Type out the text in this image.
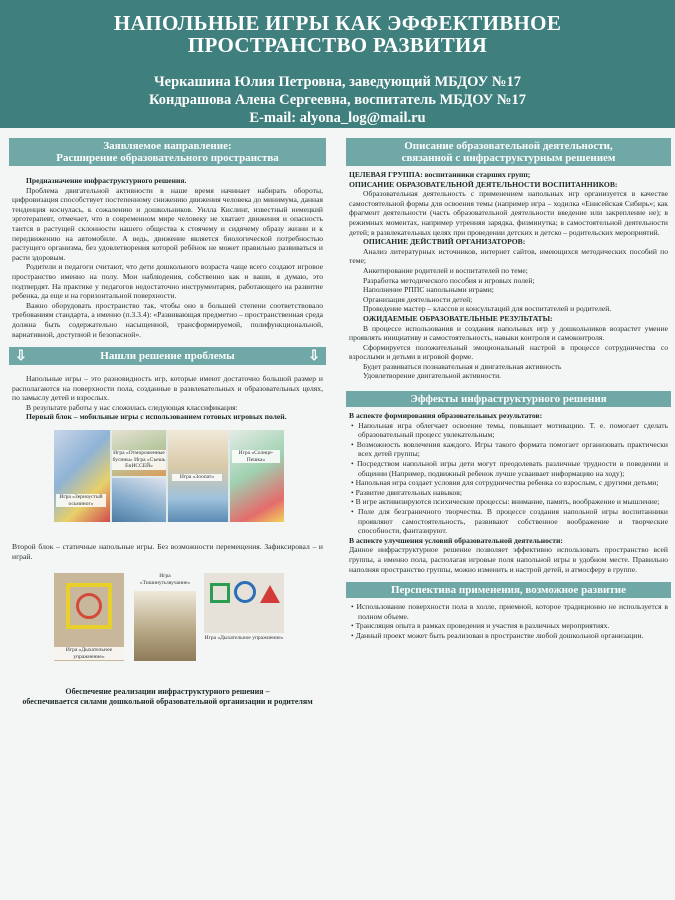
НАПОЛЬНЫЕ ИГРЫ КАК ЭФФЕКТИВНОЕ
ПРОСТРАНСТВО РАЗВИТИЯ
Черкашина Юлия Петровна, заведующий МБДОУ №17
Кондрашова Алена Сергеевна, воспитатель МБДОУ №17
E-mail: alyona_log@mail.ru
Заявляемое направление:
Расширение образовательного пространства

Предназначение инфраструктурного решения.

Проблема двигательной активности в наше время начинает набирать обороты, цифровизация способствует постепенному снижению движения человека до минимума, данная тенденция коснулась, к сожалению и дошкольников. Уилла Кислинг, известный немецкий эрготерапевт, отмечает, что в современном мире человеку не хватает движения и опасность таится в растущей склонности нашего общества к стоячему и сидячему образу жизни и к передвижению на автомобиле. А ведь, движение является биологической потребностью растущего организма, без удовлетворения которой ребёнок не может правильно развиваться и расти здоровым.

Родители и педагоги считают, что дети дошкольного возраста чаще всего создают игровое пространство именно на полу. Мои наблюдения, собственно как и ваши, я думаю, это подтвердят. На практике у педагогов недостаточно инструментария, работающего на развитие ребенка, да еще и на горизонтальной поверхности.

Важно оборудовать пространство так, чтобы оно в большей степени соответствовало требованиям стандарта, а именно (п.3.3.4): «Развивающая предметно – пространственная среда должна быть содержательно насыщенной, трансформируемой, полифункциональной, вариативной, доступной и безопасной».

⇩	Нашли решение проблемы	⇩

Напольные игры – это разновидность игр, которые имеют достаточно большой размер и располагаются на поверхности пола, созданные в развлекательных и образовательных целях, по замыслу детей и взрослых.

В результате работы у нас сложилась следующая классификация:

Первый блок – мобильные игры с использованием готовых игровых полей.

Игра «Отмороженные бусины» Игра «Съешь ЕнИССЕЙ»
Игра «Солнце-Пешка»
Игра «Зерноустый осьминог»
Игра «Зоопат»

Второй блок – статичные напольные игры. Без возможности перемещения. Зафиксировал – и играй.

Игра «Тишинутьзвучание»
Игра «Дыхательное упражнение»
Игра «Дыхательное упражнение»

Обеспечение реализации инфраструктурного решения –

обеспечивается силами дошкольной образовательной организации и родителям

Описание образовательной деятельности,
связанной с инфраструктурным решением

ЦЕЛЕВАЯ ГРУППА: воспитанники старших групп;

ОПИСАНИЕ ОБРАЗОВАТЕЛЬНОЙ ДЕЯТЕЛЬНОСТИ ВОСПИТАННИКОВ:

Образовательная деятельность с применением напольных игр организуется в качестве самостоятельной формы для освоения темы (например игра – ходилка «Енисейская Сибирь»; как фрагмент деятельности (часть образовательной деятельности введение или закрепление не); в режимных моментах, например утренняя зарядка, физминутка; в самостоятельной деятельности детей; в развлекательных целях при проведении детских и детско – родительских мероприятий.

ОПИСАНИЕ ДЕЙСТВИЙ ОРГАНИЗАТОРОВ:

Анализ литературных источников, интернет сайтов, имеющихся методических пособий по теме;

Анкетирование родителей и воспитателей по теме;

Разработка методического пособия и игровых полей;

Наполнение РППС напольными играми;

Организация деятельности детей;

Проведение мастер – классов и консультаций для воспитателей и родителей.

ОЖИДАЕМЫЕ ОБРАЗОВАТЕЛЬНЫЕ РЕЗУЛЬТАТЫ:

В процессе использования и создания напольных игр у дошкольников возрастет умение проявлять инициативу и самостоятельность, навыки контроля и самоконтроля.

Сформируется положительный эмоциональный настрой в процессе сотрудничества со взрослыми и детьми в игровой форме.

Будет развиваться познавательная и двигательная активность

Удовлетворение двигательной активности.

Эффекты инфраструктурного решения

В аспекте формирования образовательных результатов:

• Напольная игра облегчает освоение темы, повышает мотивацию. Т. е. помогает сделать образовательный процесс увлекательным;

• Возможность вовлечения каждого. Игры такого формата помогает организовать практически всех детей группы;

• Посредством напольной игры дети могут преодолевать различные трудности в поведении и общении (Например, подвижный ребенок лучше усваивает информацию на ходу);

• Напольная игра создает условия для сотрудничества ребенка со взрослым, с другими детьми;

• Развитие двигательных навыков;

• В игре активизируются психические процессы: внимание, память, воображение и мышление;

• Поле для безграничного творчества. В процессе создания напольной игры воспитанники проявляют самостоятельность, развивают собственное воображение и творческие способности, фантазируют.

В аспекте улучшения условий образовательной деятельности:

Данное инфраструктурное решение позволяет эффективно использовать пространство всей группы, а именно пола, располагая игровые поля напольной игры в удобном месте. Правильно наполняя пространство группы, можно изменить и настрой детей, и атмосферу в группе.

Перспектива применения, возможное развитие

• Использование поверхности пола в холле, приемной, которое традиционно не используется в полном объеме.

• Трансляция опыта в рамках проведения и участия в различных мероприятиях.

• Данный проект может быть реализован в пространстве любой дошкольной организации.
